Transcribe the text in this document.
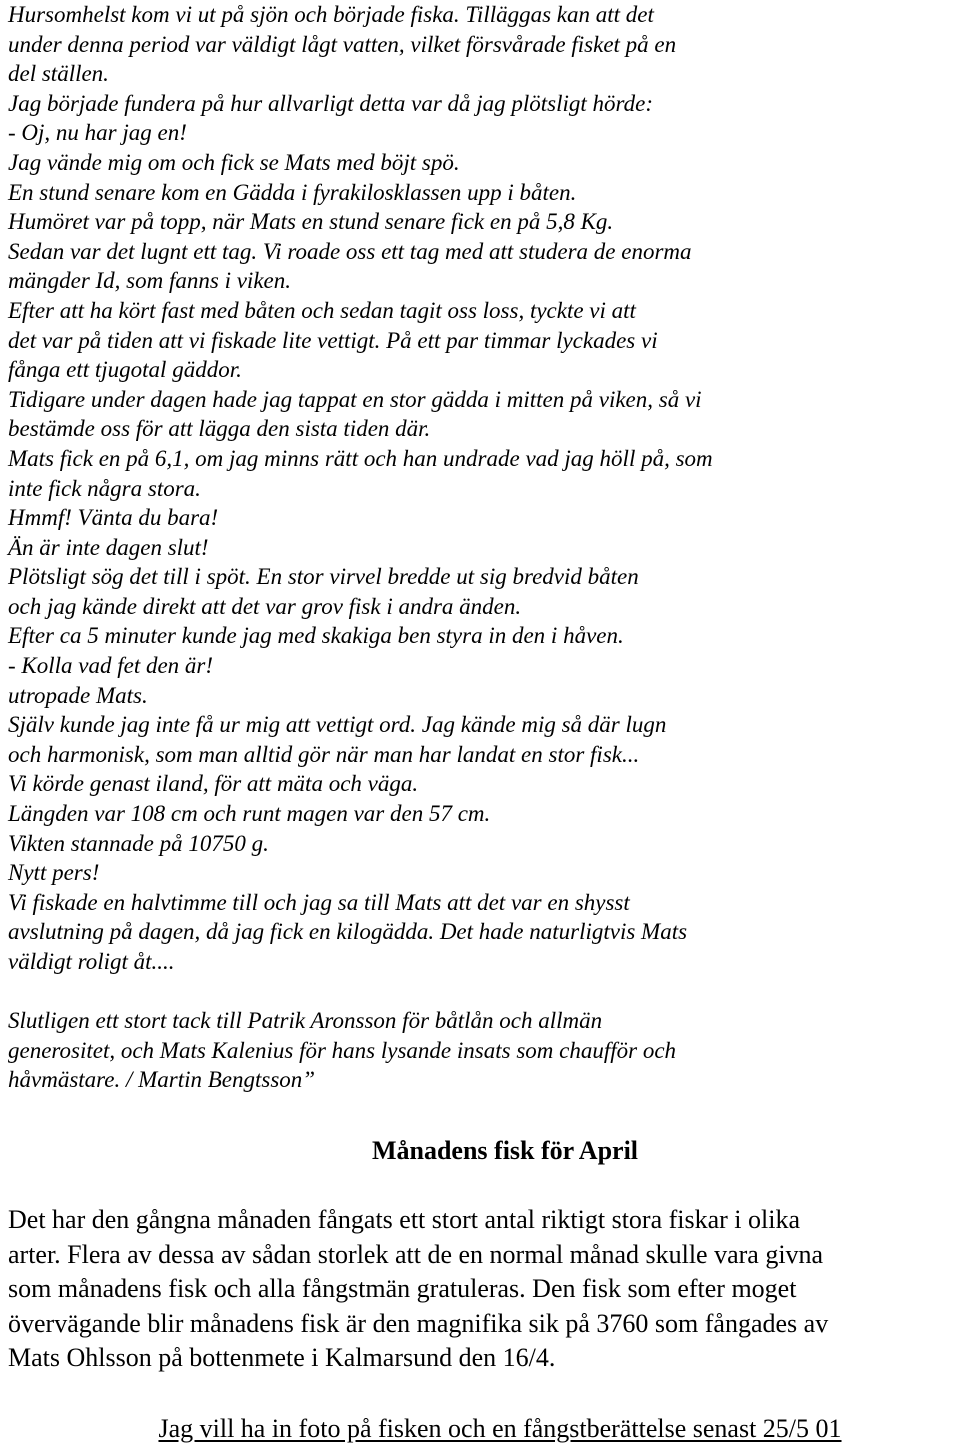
Hursomhelst kom vi ut på sjön och började fiska. Tilläggas kan att det
under denna period var väldigt lågt vatten, vilket försvårade fisket på en
del ställen.
Jag började fundera på hur allvarligt detta var då jag plötsligt hörde:
- Oj, nu har jag en!
Jag vände mig om och fick se Mats med böjt spö.
En stund senare kom en Gädda i fyrakilosklassen upp i båten.
Humöret var på topp, när Mats en stund senare fick en på 5,8 Kg.
Sedan var det lugnt ett tag. Vi roade oss ett tag med att studera de enorma
mängder Id, som fanns i viken.
Efter att ha kört fast med båten och sedan tagit oss loss, tyckte vi att
det var på tiden att vi fiskade lite vettigt. På ett par timmar lyckades vi
fånga ett tjugotal gäddor.
Tidigare under dagen hade jag tappat en stor gädda i mitten på viken, så vi
bestämde oss för att lägga den sista tiden där.
Mats fick en på 6,1, om jag minns rätt och han undrade vad jag höll på, som
inte fick några stora.
Hmmf! Vänta du bara!
Än är inte dagen slut!
Plötsligt sög det till i spöt. En stor virvel bredde ut sig bredvid båten
och jag kände direkt att det var grov fisk i andra änden.
Efter ca 5 minuter kunde jag med skakiga ben styra in den i håven.
- Kolla vad fet den är!
utropade Mats.
Själv kunde jag inte få ur mig att vettigt ord. Jag kände mig så där lugn
och harmonisk, som man alltid gör när man har landat en stor fisk...
Vi körde genast iland, för att mäta och väga.
Längden var 108 cm och runt magen var den 57 cm.
Vikten stannade på 10750 g.
Nytt pers!
Vi fiskade en halvtimme till och jag sa till Mats att det var en shysst
avslutning på dagen, då jag fick en kilogädda. Det hade naturligtvis Mats
väldigt roligt åt....
Slutligen ett stort tack till Patrik Aronsson för båtlån och allmän
generositet, och Mats Kalenius för hans lysande insats som chaufför och
håvmästare. / Martin Bengtsson”
Månadens fisk för April
Det har den gångna månaden fångats ett stort antal riktigt stora fiskar i olika
arter. Flera av dessa av sådan storlek att de en normal månad skulle vara givna
som månadens fisk och alla fångstmän gratuleras. Den fisk som efter moget
övervägande blir månadens fisk är den magnifika sik på 3760 som fångades av
Mats Ohlsson på bottenmete i Kalmarsund den 16/4.
Jag vill ha in foto på fisken och en fångstberättelse senast 25/5 01
